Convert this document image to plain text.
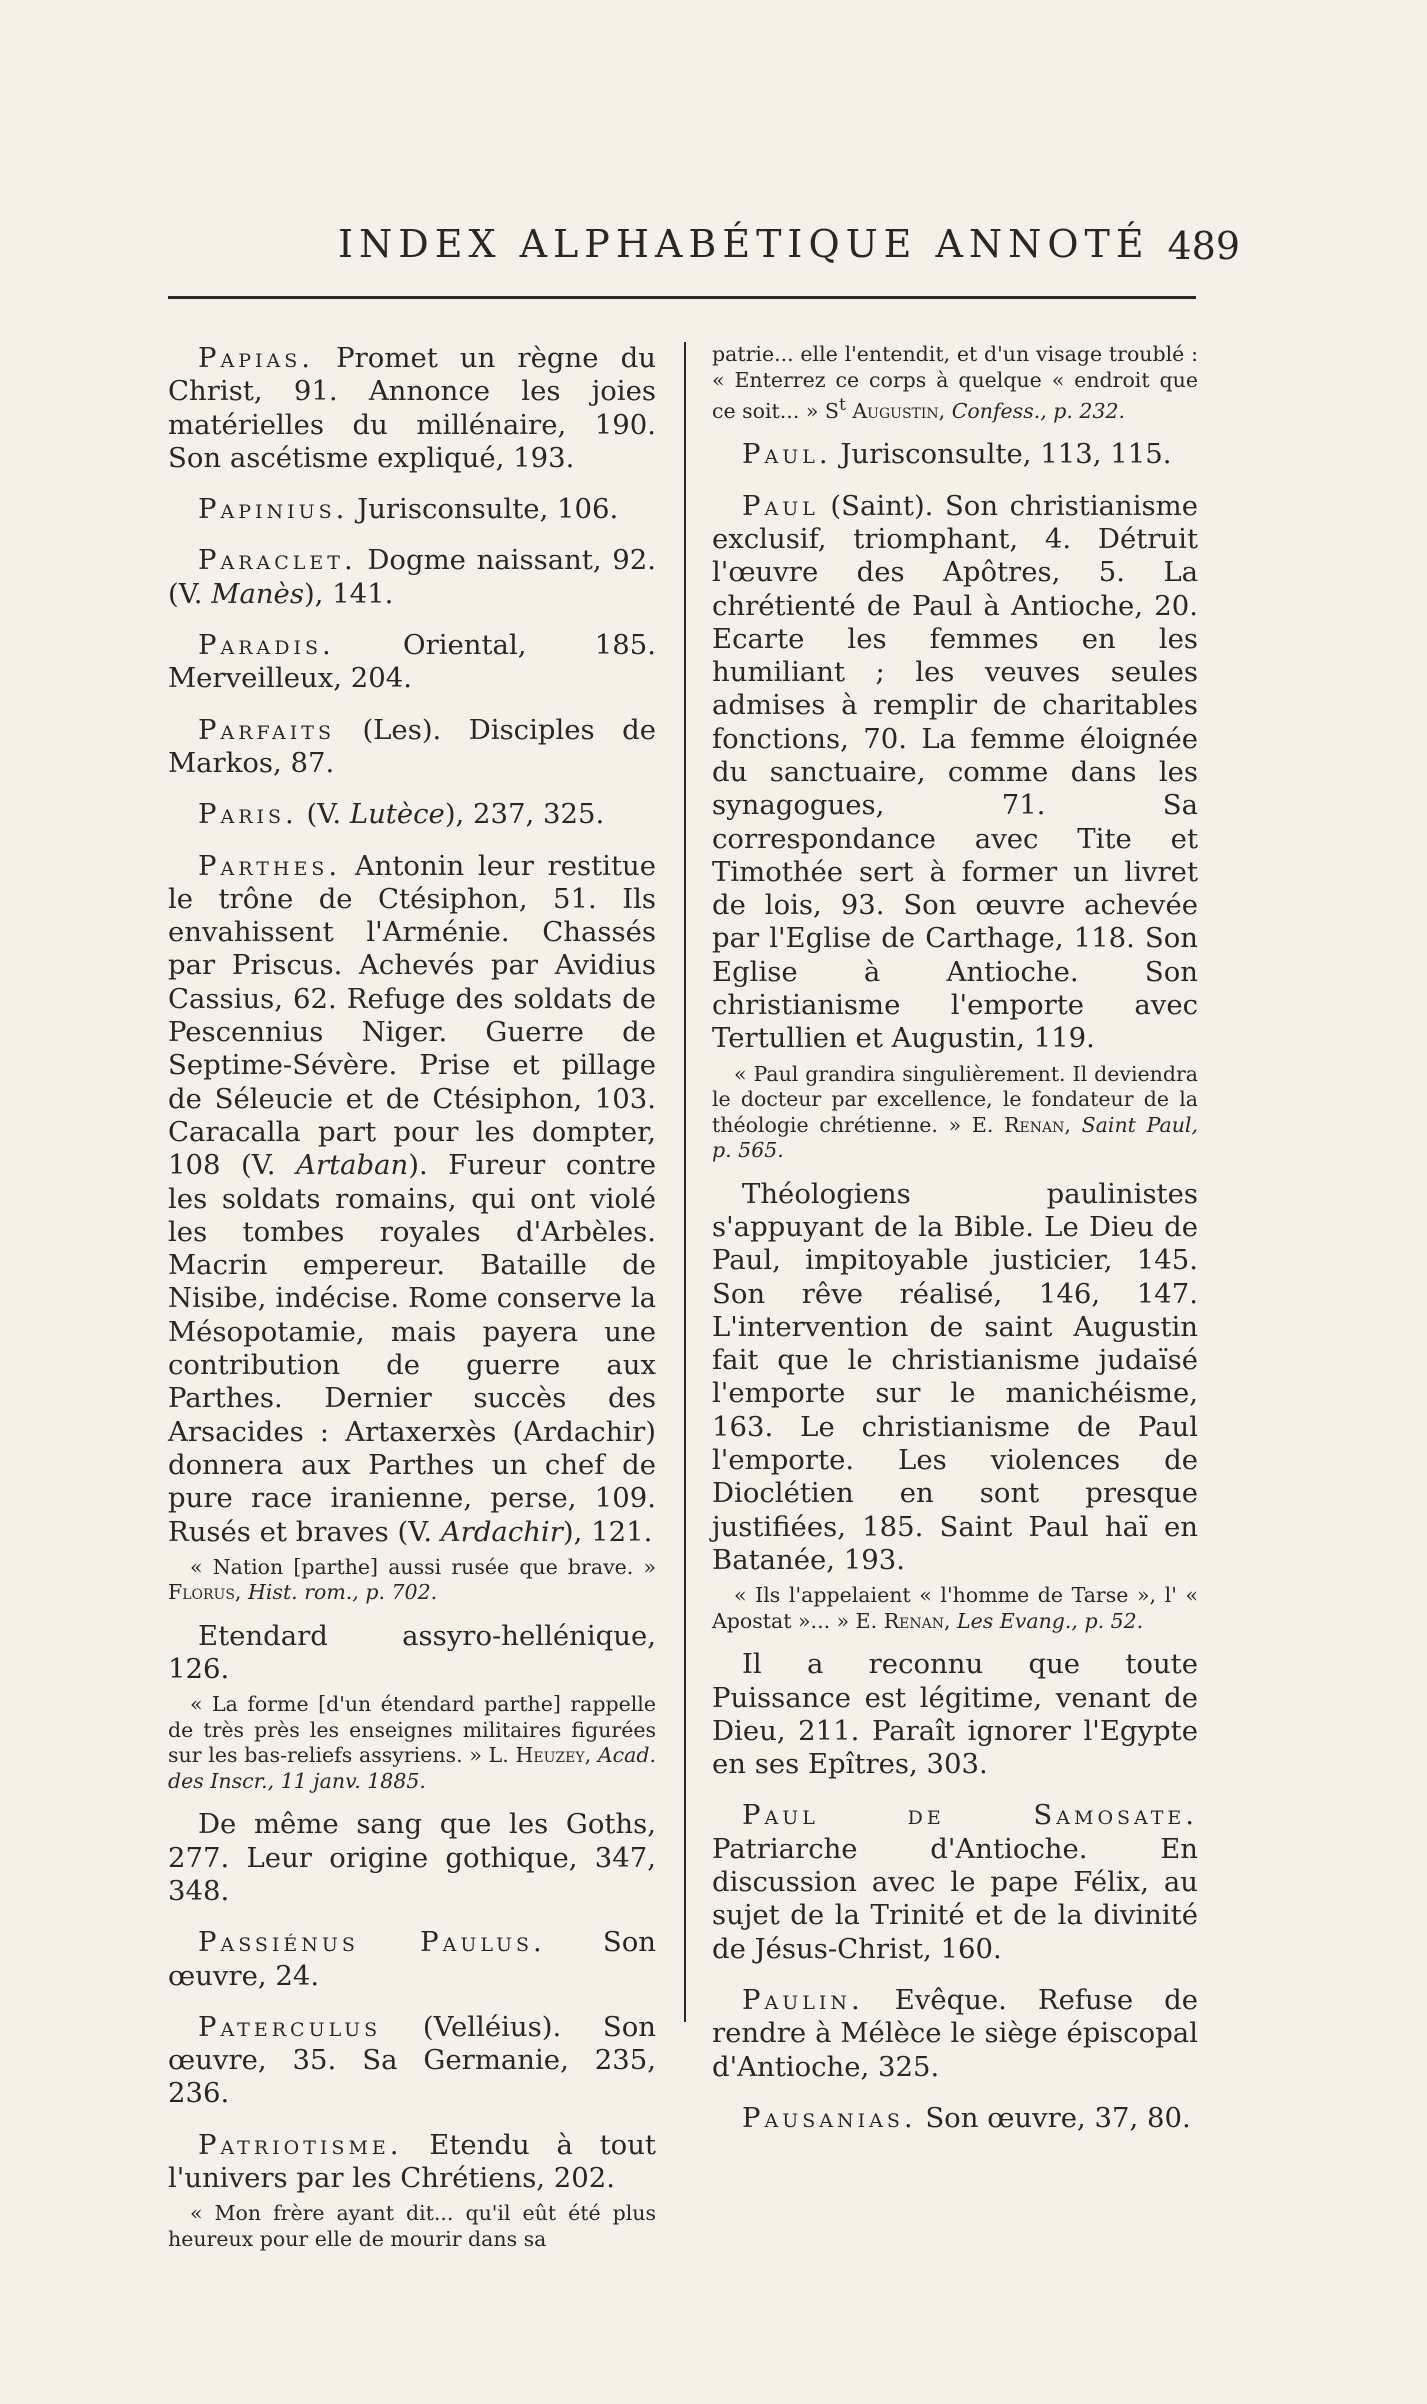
INDEX ALPHABÉTIQUE ANNOTÉ 489

Papias. Promet un règne du Christ, 91. Annonce les joies matérielles du millénaire, 190. Son ascétisme expliqué, 193.

Papinius. Jurisconsulte, 106.

Paraclet. Dogme naissant, 92. (V. Manès), 141.

Paradis. Oriental, 185. Merveilleux, 204.

Parfaits (Les). Disciples de Markos, 87.

Paris. (V. Lutèce), 237, 325.

Parthes. Antonin leur restitue le trône de Ctésiphon, 51. Ils envahissent l'Arménie. Chassés par Priscus. Achevés par Avidius Cassius, 62. Refuge des soldats de Pescennius Niger. Guerre de Septime-Sévère. Prise et pillage de Séleucie et de Ctésiphon, 103. Caracalla part pour les dompter, 108 (V. Artaban). Fureur contre les soldats romains, qui ont violé les tombes royales d'Arbèles. Macrin empereur. Bataille de Nisibe, indécise. Rome conserve la Mésopotamie, mais payera une contribution de guerre aux Parthes. Dernier succès des Arsacides : Artaxerxès (Ardachir) donnera aux Parthes un chef de pure race iranienne, perse, 109. Rusés et braves (V. Ardachir), 121.

« Nation [parthe] aussi rusée que brave. » Florus, Hist. rom., p. 702.

Etendard assyro-hellénique, 126.

« La forme [d'un étendard parthe] rappelle de très près les enseignes militaires figurées sur les bas-reliefs assyriens. » L. Heuzey, Acad. des Inscr., 11 janv. 1885.

De même sang que les Goths, 277. Leur origine gothique, 347, 348.

Passiénus Paulus. Son œuvre, 24.

Paterculus (Velléius). Son œuvre, 35. Sa Germanie, 235, 236.

Patriotisme. Etendu à tout l'univers par les Chrétiens, 202.

« Mon frère ayant dit... qu'il eût été plus heureux pour elle de mourir dans sa

patrie... elle l'entendit, et d'un visage troublé : « Enterrez ce corps à quelque « endroit que ce soit... » $S^t$ Augustin, Confess., p. 232.

Paul. Jurisconsulte, 113, 115.

Paul (Saint). Son christianisme exclusif, triomphant, 4. Détruit l'œuvre des Apôtres, 5. La chrétienté de Paul à Antioche, 20. Ecarte les femmes en les humiliant ; les veuves seules admises à remplir de charitables fonctions, 70. La femme éloignée du sanctuaire, comme dans les synagogues, 71. Sa correspondance avec Tite et Timothée sert à former un livret de lois, 93. Son œuvre achevée par l'Eglise de Carthage, 118. Son Eglise à Antioche. Son christianisme l'emporte avec Tertullien et Augustin, 119.

« Paul grandira singulièrement. Il deviendra le docteur par excellence, le fondateur de la théologie chrétienne. » E. Renan, Saint Paul, p. 565.

Théologiens paulinistes s'appuyant de la Bible. Le Dieu de Paul, impitoyable justicier, 145. Son rêve réalisé, 146, 147. L'intervention de saint Augustin fait que le christianisme judaïsé l'emporte sur le manichéisme, 163. Le christianisme de Paul l'emporte. Les violences de Dioclétien en sont presque justifiées, 185. Saint Paul haï en Batanée, 193.

« Ils l'appelaient « l'homme de Tarse », l' « Apostat »... » E. Renan, Les Evang., p. 52.

Il a reconnu que toute Puissance est légitime, venant de Dieu, 211. Paraît ignorer l'Egypte en ses Epîtres, 303.

Paul de Samosate. Patriarche d'Antioche. En discussion avec le pape Félix, au sujet de la Trinité et de la divinité de Jésus-Christ, 160.

Paulin. Evêque. Refuse de rendre à Mélèce le siège épiscopal d'Antioche, 325.

Pausanias. Son œuvre, 37, 80.
